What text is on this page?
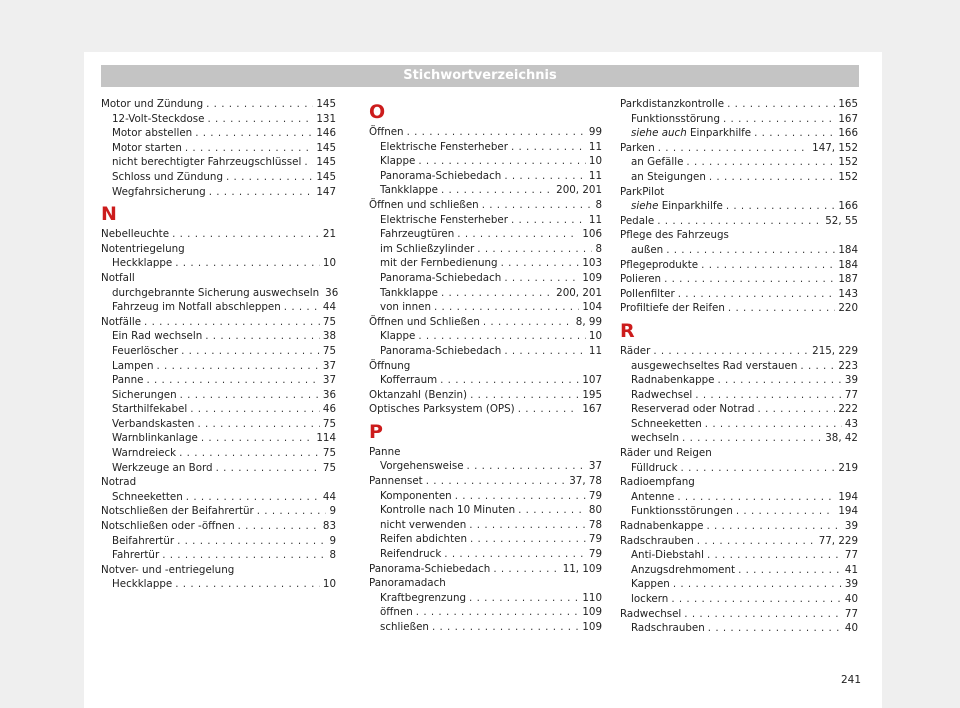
Stichwortverzeichnis
Motor und Zündung . . .	145
12-Volt-Steckdose . . .	131
Motor abstellen . . .	146
Motor starten . . .	145
nicht berechtigter Fahrzeugschlüssel . . . 145
Schloss und Zündung . . .	145
Wegfahrsicherung . . .	147
N
Nebelleuchte . . .	21
Notentriegelung
Heckklappe . . .	10
Notfall
durchgebrannte Sicherung auswechseln 36
Fahrzeug im Notfall abschleppen . . .	44
Notfälle . . .	75
Ein Rad wechseln . . .	38
Feuerlöscher . . .	75
Lampen . . .	37
Panne . . .	37
Sicherungen . . .	36
Starthilfekabel . . .	46
Verbandskasten . . .	75
Warnblinkanlage . . .	114
Warndreieck . . .	75
Werkzeuge an Bord . . .	75
Notrad
Schneeketten . . .	44
Notschließen der Beifahrertür . . .	9
Notschließen oder -öffnen . . .	83
Beifahrertür . . .	9
Fahrertür . . .	8
Notver- und -entriegelung
Heckklappe . . .	10
O
Öffnen . . .	99
Elektrische Fensterheber . . .	11
Klappe . . .	10
Panorama-Schiebedach . . .	11
Tankklappe . . .	200, 201
Öffnen und schließen . . .	8
Elektrische Fensterheber . . .	11
Fahrzeugtüren . . .	106
im Schließzylinder . . .	8
mit der Fernbedienung . . .	103
Panorama-Schiebedach . . .	109
Tankklappe . . .	200, 201
von innen . . .	104
Öffnen und Schließen . . .	8, 99
Klappe . . .	10
Panorama-Schiebedach . . .	11
Öffnung
Kofferraum . . .	107
Oktanzahl (Benzin) . . .	195
Optisches Parksystem (OPS) . . .	167
P
Panne
Vorgehensweise . . .	37
Pannenset . . .	37, 78
Komponenten . . .	79
Kontrolle nach 10 Minuten . . .	80
nicht verwenden . . .	78
Reifen abdichten . . .	79
Reifendruck . . .	79
Panorama-Schiebedach . . .	11, 109
Panoramadach
Kraftbegrenzung . . .	110
öffnen . . .	109
schließen . . .	109
Parkdistanzkontrolle . . .	165
Funktionsstörung . . .	167
siehe auch Einparkhilfe . . .	166
Parken . . .	147, 152
an Gefälle . . .	152
an Steigungen . . .	152
ParkPilot
siehe Einparkhilfe . . .	166
Pedale . . .	52, 55
Pflege des Fahrzeugs
außen . . .	184
Pflegeprodukte . . .	184
Polieren . . .	187
Pollenfilter . . .	143
Profiltiefe der Reifen . . .	220
R
Räder . . .	215, 229
ausgewechseltes Rad verstauen . . .	223
Radnabenkappe . . .	39
Radwechsel . . .	77
Reserverad oder Notrad . . .	222
Schneeketten . . .	43
wechseln . . .	38, 42
Räder und Reigen
Fülldruck . . .	219
Radioempfang
Antenne . . .	194
Funktionsstörungen . . .	194
Radnabenkappe . . .	39
Radschrauben . . .	77, 229
Anti-Diebstahl . . .	77
Anzugsdrehmoment . . .	41
Kappen . . .	39
lockern . . .	40
Radwechsel . . .	77
Radschrauben . . .	40
241
